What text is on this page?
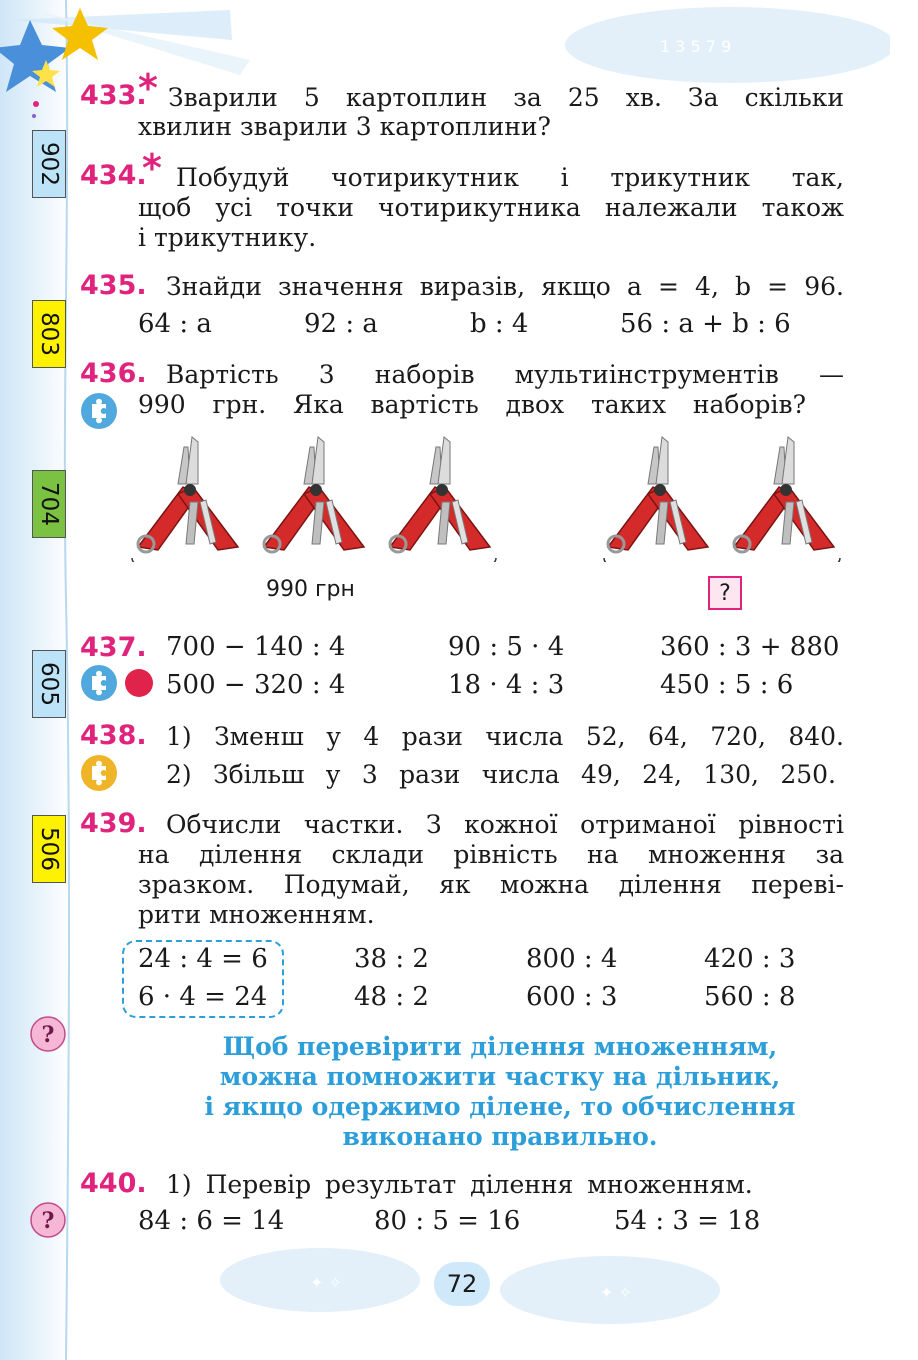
1 3 5 7 9
902
803
704
605
506
433.
* Зварили 5 картоплин за 25 хв. За скільки
хвилин зварили 3 картоплини?
434.
* Побудуй чотирикутник і трикутник так,
щоб усі точки чотирикутника належали також
і трикутнику.
435. Знайди значення виразів, якщо a = 4, b = 96.
64 : a	92 : a	b : 4	56 : a + b : 6
436. Вартість 3 наборів мультиінструментів —
990 грн. Яка вартість двох таких наборів?
990 грн	?
437. 700 − 140 : 4	90 : 5 · 4	360 : 3 + 880
500 − 320 : 4	18 · 4 : 3	450 : 5 : 6
438. 1) Зменш у 4 рази числа 52, 64, 720, 840.
2) Збільш у 3 рази числа 49, 24, 130, 250.
439. Обчисли частки. З кожної отриманої рівності
на ділення склади рівність на множення за
зразком. Подумай, як можна ділення переві-
рити множенням.
24 : 4 = 6	38 : 2	800 : 4	420 : 3
6 · 4 = 24	48 : 2	600 : 3	560 : 8
?	Щоб перевірити ділення множенням,
можна помножити частку на дільник,
і якщо одержимо ділене, то обчислення
виконано правильно.
440. 1) Перевір результат ділення множенням.
?	84 : 6 = 14	80 : 5 = 16	54 : 3 = 18
✦ ✧
✦ ✧
72
